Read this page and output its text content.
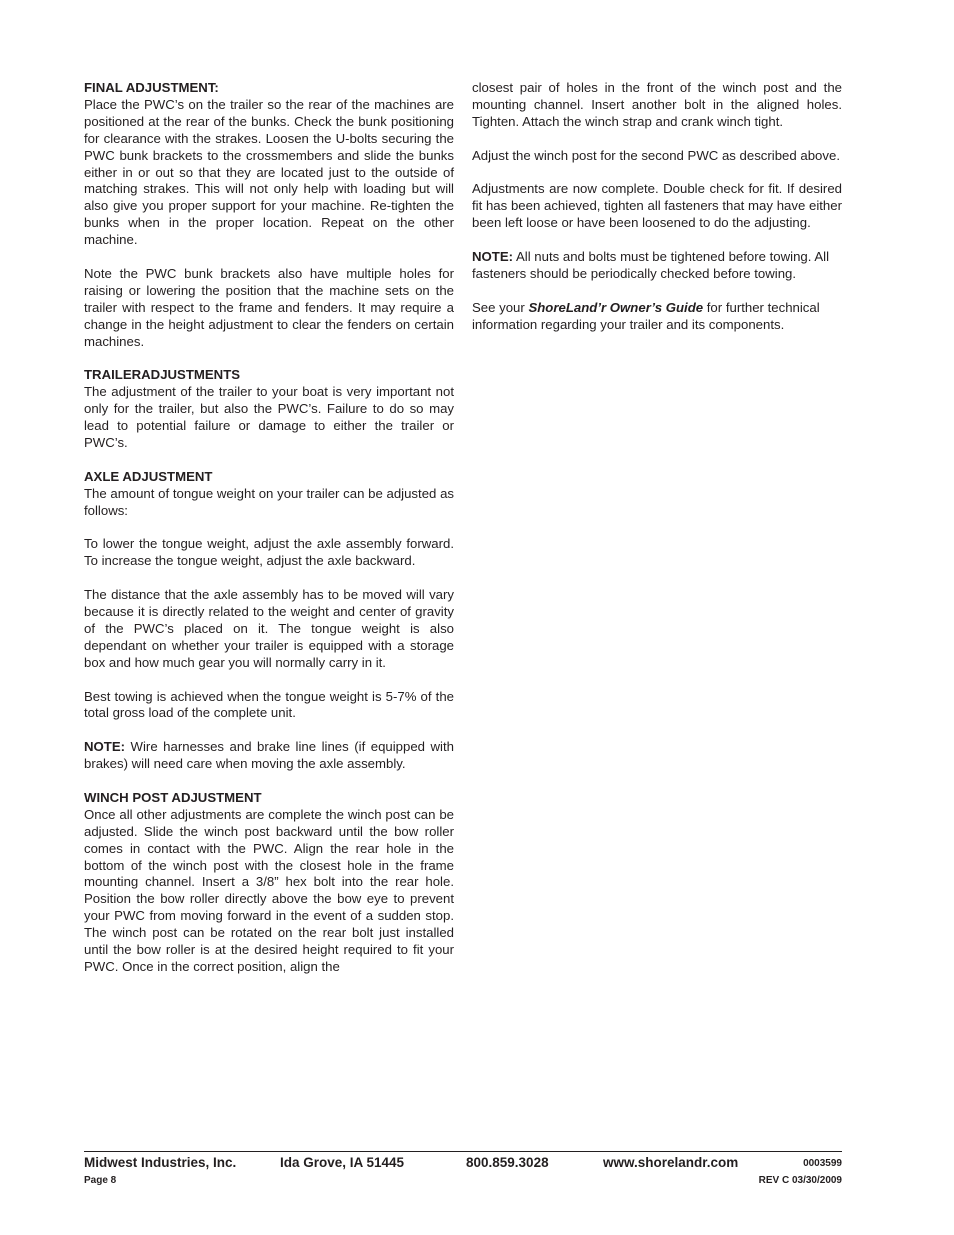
FINAL ADJUSTMENT:

Place the PWC’s on the trailer so the rear of the machines are positioned at the rear of the bunks. Check the bunk positioning for clearance with the strakes. Loosen the U-bolts securing the PWC bunk brackets to the crossmembers and slide the bunks either in or out so that they are located just to the outside of matching strakes. This will not only help with loading but will also give you proper support for your machine. Re-tighten the bunks when in the proper location. Repeat on the other machine.

Note the PWC bunk brackets also have multiple holes for raising or lowering the position that the machine sets on the trailer with respect to the frame and fenders. It may require a change in the height adjustment to clear the fenders on certain machines.

TRAILERADJUSTMENTS

The adjustment of the trailer to your boat is very important not only for the trailer, but also the PWC’s. Failure to do so may lead to potential failure or damage to either the trailer or PWC’s.

AXLE ADJUSTMENT

The amount of tongue weight on your trailer can be adjusted as follows:

To lower the tongue weight, adjust the axle assembly forward. To increase the tongue weight, adjust the axle backward.

The distance that the axle assembly has to be moved will vary because it is directly related to the weight and center of gravity of the PWC’s placed on it. The tongue weight is also dependant on whether your trailer is equipped with a storage box and how much gear you will normally carry in it.

Best towing is achieved when the tongue weight is 5-7% of the total gross load of the complete unit.

NOTE: Wire harnesses and brake line lines (if equipped with brakes) will need care when moving the axle assembly.

WINCH POST ADJUSTMENT

Once all other adjustments are complete the winch post can be adjusted. Slide the winch post backward until the bow roller comes in contact with the PWC. Align the rear hole in the bottom of the winch post with the closest hole in the frame mounting channel. Insert a 3/8” hex bolt into the rear hole. Position the bow roller directly above the bow eye to prevent your PWC from moving forward in the event of a sudden stop. The winch post can be rotated on the rear bolt just installed until the bow roller is at the desired height required to fit your PWC. Once in the correct position, align the

closest pair of holes in the front of the winch post and the mounting channel. Insert another bolt in the aligned holes. Tighten. Attach the winch strap and crank winch tight.

Adjust the winch post for the second PWC as described above.

Adjustments are now complete. Double check for fit. If desired fit has been achieved, tighten all fasteners that may have either been left loose or have been loosened to do the adjusting.

NOTE: All nuts and bolts must be tightened before towing. All fasteners should be periodically checked before towing.

See your ShoreLand’r Owner’s Guide for further technical information regarding your trailer and its components.

Midwest Industries, Inc.	Ida Grove, IA 51445	800.859.3028	www.shorelandr.com	0003599
Page 8	REV C 03/30/2009
